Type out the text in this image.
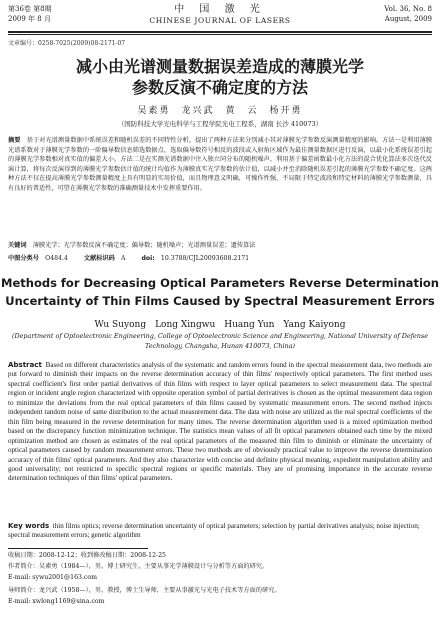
第36卷 第8期
2009 年 8 月
中 国 激 光
CHINESE JOURNAL OF LASERS
Vol. 36, No. 8
August, 2009
文章编号：0258-7025(2009)08-2171-07
减小由光谱测量数据误差造成的薄膜光学
参数反演不确定度的方法
吴素勇　龙兴武　黄　云　杨开勇
（国防科技大学光电科学与工程学院光电工程系，湖南 长沙 410073）
摘要　 基于对光谱测量数据中系统误差和随机误差的不同特性分析，提出了两种方法来分别减小其对薄膜光学参数反演测量精度的影响。方法一是利用薄膜光谱系数对于薄膜光学参数的一阶偏导数信息筛选数据点，选取偏导数符号相反的波段或入射角区域作为最佳测量数据区进行反演，以最小化系统误差引起的薄膜光学参数相对真实值的偏差大小。方法二是在实测光谱数据中注入独立同分布的随机噪声，利用基于偏差函数最小化方法的混合优化算法多次迭代反演计算，将每次反演得到的薄膜光学参数估计值的统计均值作为薄膜真实光学参数的估计值，以减小并至消除随机误差引起的薄膜光学参数不确定度。这两种方法不仅在提高薄膜光学参数测量精度上具有明显的实用价值，而且物理意义明确，可操作性强，不局限于特定波段和特定材料的薄膜光学参数测量，具有良好的普适性，可望在薄膜光学参数的准确测量技术中发挥重要作用。
关键词　 薄膜光学；光学参数反演不确定度；偏导数；随机噪声；光谱测量误差；遗传算法
中图分类号　 O484.4	文献标识码　 A	doi:　 10.3788/CJL20093608.2171
Methods for Decreasing Optical Parameters Reverse Determination
Uncertainty of Thin Films Caused by Spectral Measurement Errors
Wu Suyong　Long Xingwu　Huang Yun　Yang Kaiyong
(Department of Optoelectronic Engineering, College of Optoelectronic Science and Engineering, National University of Defense Technology, Changsha, Hunan 410073, China)
Abstract Based on different characteristics analysis of the systematic and random errors found in the spectral measurement data, two methods are put forward to diminish their impacts on the reverse determination accuracy of thin films' respectively optical parameters. The first method uses spectral coefficient's first order partial derivatives of thin films with respect to layer optical parameters to select measurement data. The spectral region or incident angle region characterized with opposite operation symbol of partial derivatives is chosen as the optimal measurement data region to minimize the deviations from the real optical parameters of thin films caused by systematic measurement errors. The second method injects independent random noise of same distribution to the actual measurement data. The data with noise are utilized as the real spectral coefficients of the thin film being measured in the reverse determination for many times. The reverse determination algorithm used is a mixed optimization method based on the discrepancy function minimization technique. The statistics mean values of all fit optical parameters obtained each time by the mixed optimization method are chosen as estimates of the real optical parameters of the measured thin film to diminish or eliminate the uncertainty of optical parameters caused by random measurement errors. These two methods are of obviously practical value to improve the reverse determination accuracy of thin films' optical parameters. And they also characterize with concise and definite physical meaning, expedient manipulation ability and good universality; not restricted to specific spectral regions or specific materials. They are of promising importance in the accurate reverse determination techniques of thin films' optical parameters.
Key words thin films optics; reverse determination uncertainty of optical parameters; selection by partial derivatives analysis; noise injection; spectral measurement errors; genetic algorithm
收稿日期：2008-12-12；收到修改稿日期：2008-12-25
作者简介：吴素勇（1984—），男，博士研究生，主要从事光学薄膜设计与分析等方面的研究。
E-mail: sywu2001@163.com
导师简介：龙兴武（1958—），男，教授，博士生导师，主要从事激光与光电子技术等方面的研究。
E-mail: xwlong1169@sina.com
